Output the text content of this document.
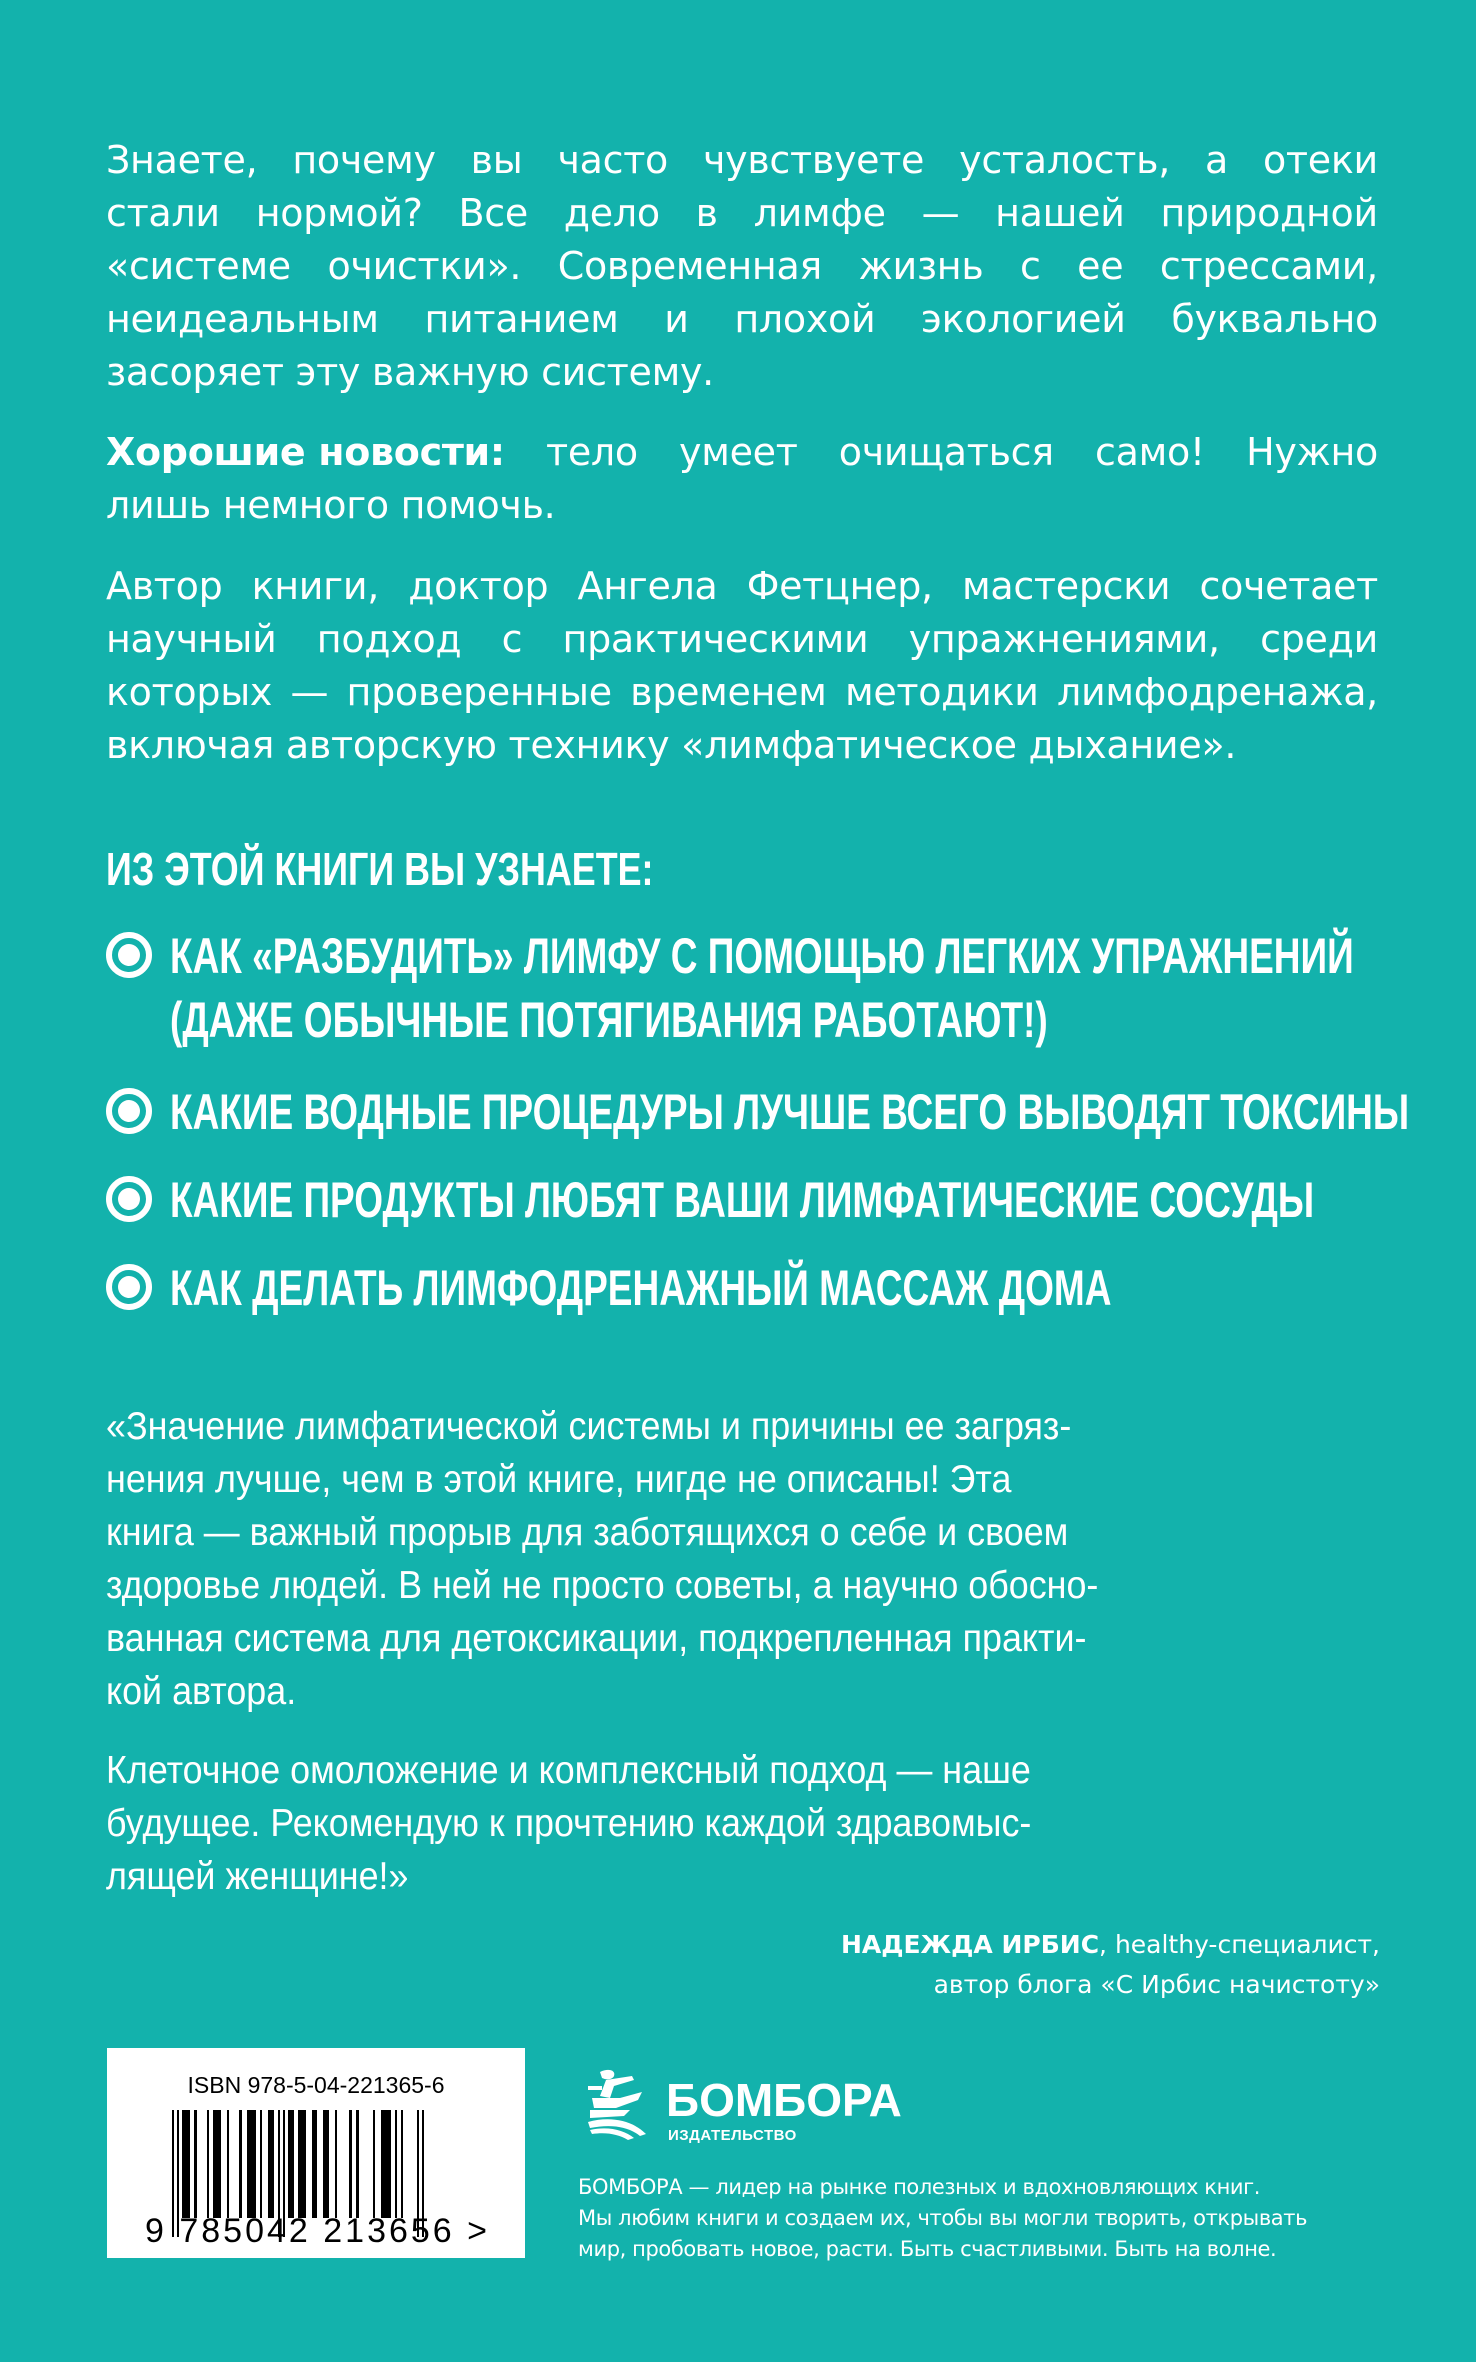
Знаете, почему вы часто чувствуете усталость, а отеки
стали нормой? Все дело в лимфе — нашей природной
«системе очистки». Современная жизнь с ее стрессами,
неидеальным питанием и плохой экологией буквально
засоряет эту важную систему.
Хорошие новости: тело умеет очищаться само! Нужно
лишь немного помочь.
Автор книги, доктор Ангела Фетцнер, мастерски сочетает
научный подход с практическими упражнениями, среди
которых — проверенные временем методики лимфодренажа,
включая авторскую технику «лимфатическое дыхание».
ИЗ ЭТОЙ КНИГИ ВЫ УЗНАЕТЕ:
КАК «РАЗБУДИТЬ» ЛИМФУ С ПОМОЩЬЮ ЛЕГКИХ УПРАЖНЕНИЙ
(ДАЖЕ ОБЫЧНЫЕ ПОТЯГИВАНИЯ РАБОТАЮТ!)
КАКИЕ ВОДНЫЕ ПРОЦЕДУРЫ ЛУЧШЕ ВСЕГО ВЫВОДЯТ ТОКСИНЫ
КАКИЕ ПРОДУКТЫ ЛЮБЯТ ВАШИ ЛИМФАТИЧЕСКИЕ СОСУДЫ
КАК ДЕЛАТЬ ЛИМФОДРЕНАЖНЫЙ МАССАЖ ДОМА
«Значение лимфатической системы и причины ее загряз-
нения лучше, чем в этой книге, нигде не описаны! Эта
книга — важный прорыв для заботящихся о себе и своем
здоровье людей. В ней не просто советы, а научно обосно-
ванная система для детоксикации, подкрепленная практи-
кой автора.
Клеточное омоложение и комплексный подход — наше
будущее. Рекомендую к прочтению каждой здравомыс-
лящей женщине!»
НАДЕЖДА ИРБИС, healthy-специалист,
автор блога «С Ирбис начистоту»
ISBN 978-5-04-221365-6
9 785042 213656 >
БОМБОРА
ИЗДАТЕЛЬСТВО
БОМБОРА — лидер на рынке полезных и вдохновляющих книг.
Мы любим книги и создаем их, чтобы вы могли творить, открывать
мир, пробовать новое, расти. Быть счастливыми. Быть на волне.
